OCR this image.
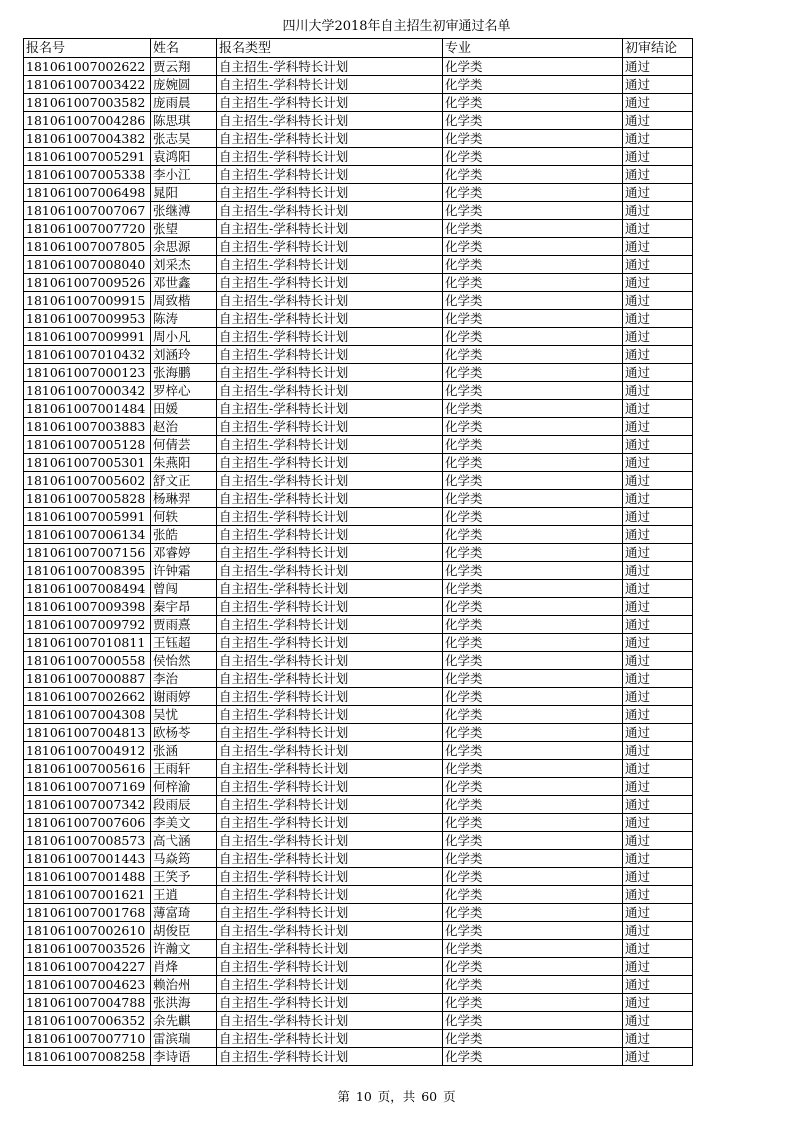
四川大学2018年自主招生初审通过名单
报名号	姓名	报名类型	专业	初审结论
181061007002622	贾云翔	自主招生-学科特长计划	化学类	通过
181061007003422	庞婉圆	自主招生-学科特长计划	化学类	通过
181061007003582	庞雨晨	自主招生-学科特长计划	化学类	通过
181061007004286	陈思琪	自主招生-学科特长计划	化学类	通过
181061007004382	张志昊	自主招生-学科特长计划	化学类	通过
181061007005291	袁鸿阳	自主招生-学科特长计划	化学类	通过
181061007005338	李小江	自主招生-学科特长计划	化学类	通过
181061007006498	晁阳	自主招生-学科特长计划	化学类	通过
181061007007067	张继溥	自主招生-学科特长计划	化学类	通过
181061007007720	张望	自主招生-学科特长计划	化学类	通过
181061007007805	余思源	自主招生-学科特长计划	化学类	通过
181061007008040	刘采杰	自主招生-学科特长计划	化学类	通过
181061007009526	邓世鑫	自主招生-学科特长计划	化学类	通过
181061007009915	周致楷	自主招生-学科特长计划	化学类	通过
181061007009953	陈涛	自主招生-学科特长计划	化学类	通过
181061007009991	周小凡	自主招生-学科特长计划	化学类	通过
181061007010432	刘涵玲	自主招生-学科特长计划	化学类	通过
181061007000123	张海鹏	自主招生-学科特长计划	化学类	通过
181061007000342	罗梓心	自主招生-学科特长计划	化学类	通过
181061007001484	田媛	自主招生-学科特长计划	化学类	通过
181061007003883	赵治	自主招生-学科特长计划	化学类	通过
181061007005128	何倩芸	自主招生-学科特长计划	化学类	通过
181061007005301	朱燕阳	自主招生-学科特长计划	化学类	通过
181061007005602	舒文正	自主招生-学科特长计划	化学类	通过
181061007005828	杨琳羿	自主招生-学科特长计划	化学类	通过
181061007005991	何轶	自主招生-学科特长计划	化学类	通过
181061007006134	张皓	自主招生-学科特长计划	化学类	通过
181061007007156	邓睿婷	自主招生-学科特长计划	化学类	通过
181061007008395	许钟霜	自主招生-学科特长计划	化学类	通过
181061007008494	曾闯	自主招生-学科特长计划	化学类	通过
181061007009398	秦宇昂	自主招生-学科特长计划	化学类	通过
181061007009792	贾雨熹	自主招生-学科特长计划	化学类	通过
181061007010811	王钰超	自主招生-学科特长计划	化学类	通过
181061007000558	侯怡然	自主招生-学科特长计划	化学类	通过
181061007000887	李治	自主招生-学科特长计划	化学类	通过
181061007002662	谢雨婷	自主招生-学科特长计划	化学类	通过
181061007004308	吴忧	自主招生-学科特长计划	化学类	通过
181061007004813	欧杨苓	自主招生-学科特长计划	化学类	通过
181061007004912	张涵	自主招生-学科特长计划	化学类	通过
181061007005616	王雨轩	自主招生-学科特长计划	化学类	通过
181061007007169	何梓渝	自主招生-学科特长计划	化学类	通过
181061007007342	段雨辰	自主招生-学科特长计划	化学类	通过
181061007007606	李美文	自主招生-学科特长计划	化学类	通过
181061007008573	高弋涵	自主招生-学科特长计划	化学类	通过
181061007001443	马焱筠	自主招生-学科特长计划	化学类	通过
181061007001488	王笑予	自主招生-学科特长计划	化学类	通过
181061007001621	王逍	自主招生-学科特长计划	化学类	通过
181061007001768	薄富琦	自主招生-学科特长计划	化学类	通过
181061007002610	胡俊臣	自主招生-学科特长计划	化学类	通过
181061007003526	许瀚文	自主招生-学科特长计划	化学类	通过
181061007004227	肖烽	自主招生-学科特长计划	化学类	通过
181061007004623	赖治州	自主招生-学科特长计划	化学类	通过
181061007004788	张洪海	自主招生-学科特长计划	化学类	通过
181061007006352	余先麒	自主招生-学科特长计划	化学类	通过
181061007007710	雷滨瑞	自主招生-学科特长计划	化学类	通过
181061007008258	李诗语	自主招生-学科特长计划	化学类	通过
第 10 页，共 60 页
